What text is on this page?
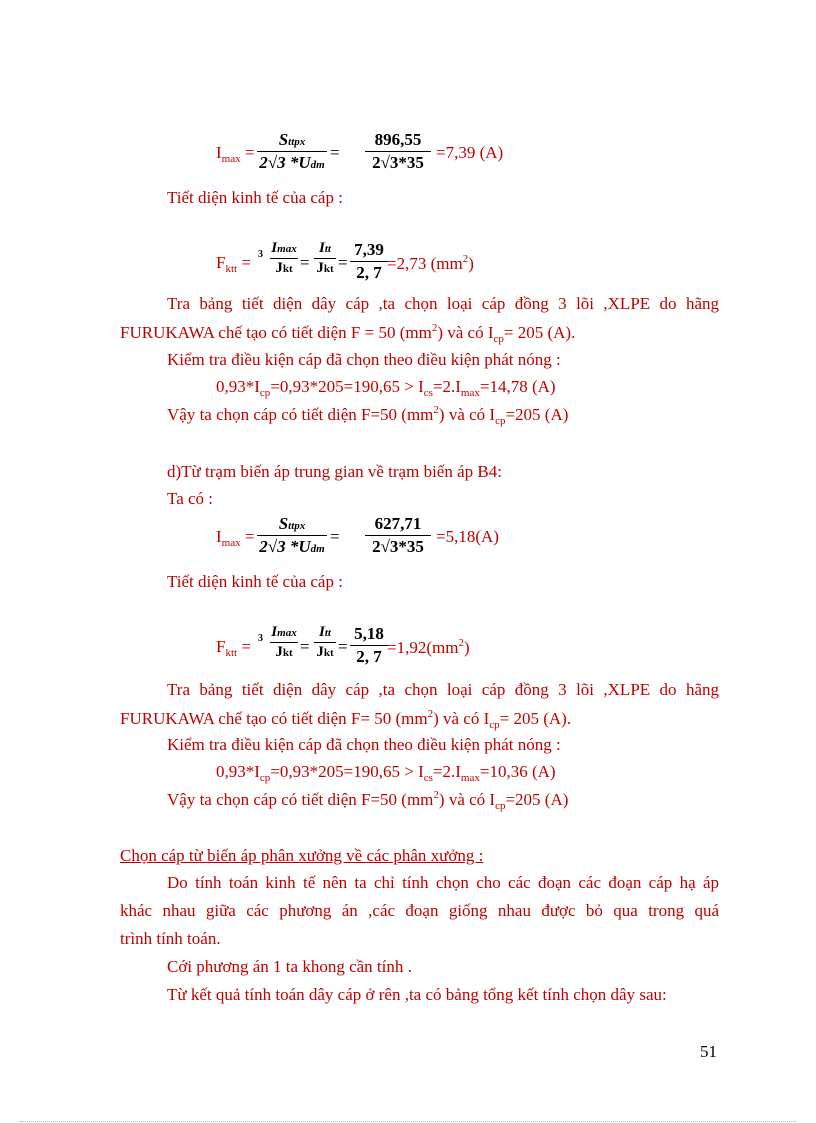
$I_{max}$ =
Sttpx
2√3 *Udm
=
896,55
2√3*35
=7,39 (A)
Tiết diện kinh tế của cáp :
$F_{ktt} = 3$ Imax
Jkt =
Itt
Jkt =
7,39
2, 7 =2,73 $(mm^2)$
Tra bảng tiết diện dây cáp ,ta chọn loại cáp đồng 3 lõi ,XLPE do hãng
FURUKAWA chế tạo có tiết diện F = 50 $(mm^2)$ và có $I_{cp}= 205$ (A).
Kiểm tra điều kiện cáp đã chọn theo điều kiện phát nóng :
$0,93*I_{cp}=0,93*205=190,65 > I_{cs}=2.I_{max}=14,78$ (A)
Vậy ta chọn cáp có tiết diện F=50 $(mm^2)$ và có $I_{cp}=205$ (A)
d)Từ trạm biến áp trung gian về trạm biến áp B4:
Ta có :
$I_{max}$ =
Sttpx
2√3 *Udm
=
627,71
2√3*35
=5,18(A)
Tiết diện kinh tế của cáp :
$F_{ktt} = 3$ Imax
Jkt =
Itt
Jkt =
5,18
2, $7 =1,92(mm^2)$
Tra bảng tiết diện dây cáp ,ta chọn loại cáp đồng 3 lõi ,XLPE do hãng
FURUKAWA chế tạo có tiết diện F= 50 $(mm^2)$ và có $I_{cp}= 205$ (A).
Kiểm tra điều kiện cáp đã chọn theo điều kiện phát nóng :
$0,93*I_{cp}=0,93*205=190,65 > I_{cs}=2.I_{max}=10,36$ (A)
Vậy ta chọn cáp có tiết diện F=50 $(mm^2)$ và có $I_{cp}=205$ (A)
Chọn cáp từ biến áp phân xưởng về các phân xưởng :
Do tính toán kinh tế nên ta chỉ tính chọn cho các đoạn các đoạn cáp hạ áp
khác nhau giữa các phương án ,các đoạn giống nhau được bỏ qua trong quá
trình tính toán.
Cới phương án 1 ta khong cần tính .
Từ kết quả tính toán dây cáp ở rên ,ta có bảng tổng kết tính chọn dây sau:
51
